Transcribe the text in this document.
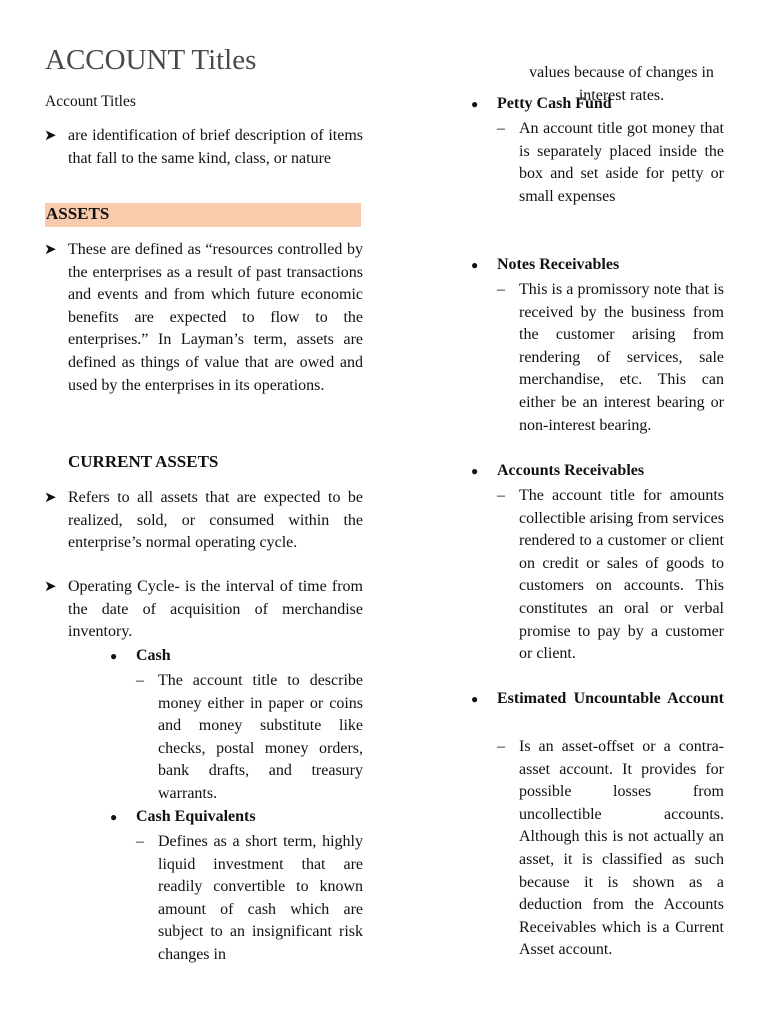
ACCOUNT Titles
Account Titles
➤ are identification of brief description of items that fall to the same kind, class, or nature

ASSETS
➤ These are defined as “resources controlled by the enterprises as a result of past transactions and events and from which future economic benefits are expected to flow to the enterprises.” In Layman’s term, assets are defined as things of value that are owed and used by the enterprises in its operations.

CURRENT ASSETS
➤ Refers to all assets that are expected to be realized, sold, or consumed within the enterprise’s normal operating cycle.

➤ Operating Cycle- is the interval of time from the date of acquisition of merchandise inventory.

● Cash
– The account title to describe money either in paper or coins and money substitute like checks, postal money orders, bank drafts, and treasury warrants.

● Cash Equivalents
– Defines as a short term, highly liquid investment that are readily convertible to known amount of cash which are subject to an insignificant risk changes in

values because of changes in interest rates.

● Petty Cash Fund
– An account title got money that is separately placed inside the box and set aside for petty or small expenses

● Notes Receivables
– This is a promissory note that is received by the business from the customer arising from rendering of services, sale merchandise, etc. This can either be an interest bearing or non-interest bearing.

● Accounts Receivables
– The account title for amounts collectible arising from services rendered to a customer or client on credit or sales of goods to customers on accounts. This constitutes an oral or verbal promise to pay by a customer or client.

● Estimated Uncountable Account

– Is an asset-offset or a contra-asset account. It provides for possible losses from uncollectible accounts. Although this is not actually an asset, it is classified as such because it is shown as a deduction from the Accounts Receivables which is a Current Asset account.
